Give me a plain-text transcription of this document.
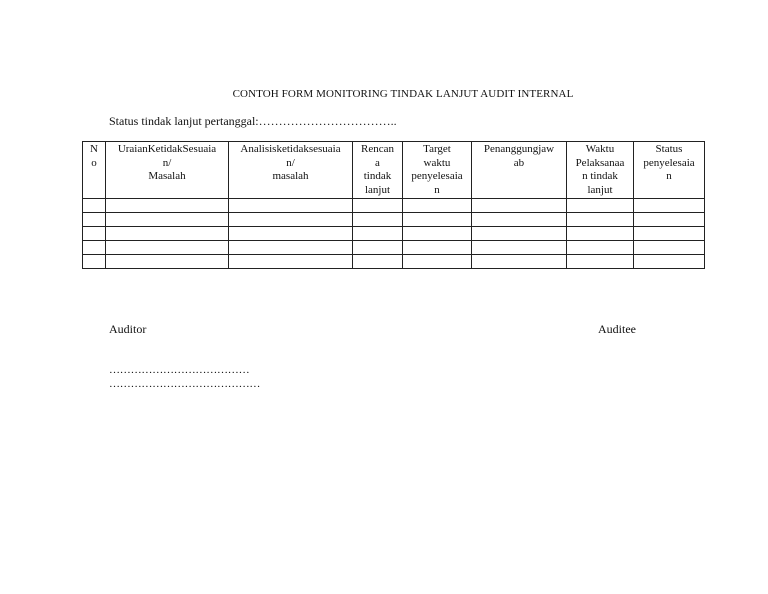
CONTOH FORM MONITORING TINDAK LANJUT AUDIT INTERNAL
Status tindak lanjut pertanggal:……………………………..
N
o	UraianKetidakSesuaia
n/
Masalah	Analisisketidaksesuaia
n/
masalah	Rencan
a
tindak
lanjut	Target
waktu
penyelesaia
n	Penanggungjaw
ab	Waktu
Pelaksanaa
n tindak
lanjut	Status
penyelesaia
n

Auditor	Auditee
…………………………………
……………………………………
